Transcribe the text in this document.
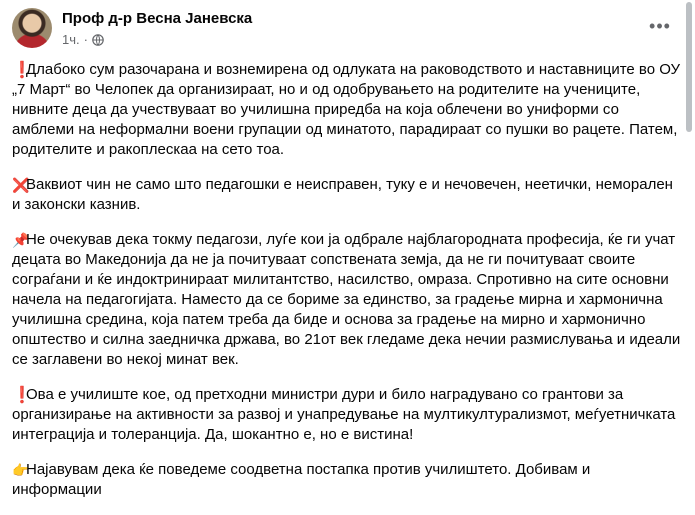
Проф д-р Весна Јаневска
1ч. ·
•••

❗Длабоко сум разочарана и вознемирена од одлуката на раководството и наставниците во ОУ „7 Март“ во Челопек да организираат, но и од одобрувањето на родителите на учениците, нивните деца да учествуваат во училишна приредба на која облечени во униформи со амблеми на неформални воени групации од минатото, парадираат со пушки во рацете. Патем, родителите и ракоплескаа на сето тоа.

❌Ваквиот чин не само што педагошки е неисправен, туку е и нечовечен, неетички, неморален и законски казнив.

📌Не очекував дека токму педагози, луѓе кои ја одбрале најблагородната професија, ќе ги учат децата во Македонија да не ја почитуваат сопствената земја, да не ги почитуваат своите сограѓани и ќе индоктринираат милитантство, насилство, омраза. Спротивно на сите основни начела на педагогијата. Наместо да се бориме за единство, за градење мирна и хармонична училишна средина, која патем треба да биде и основа за градење на мирно и хармонично општество и силна заедничка држава, во 21от век гледаме дека нечии размислувања и идеали се заглавени во некој минат век.

❗Ова е училиште кое, од претходни министри дури и било наградувано со грантови за организирање на активности за развој и унапредување на мултикултурализмот, меѓуетничката интеграција и толеранција. Да, шокантно е, но е вистина!

👉Најавувам дека ќе поведеме соодветна постапка против училиштето. Добивам и информации
